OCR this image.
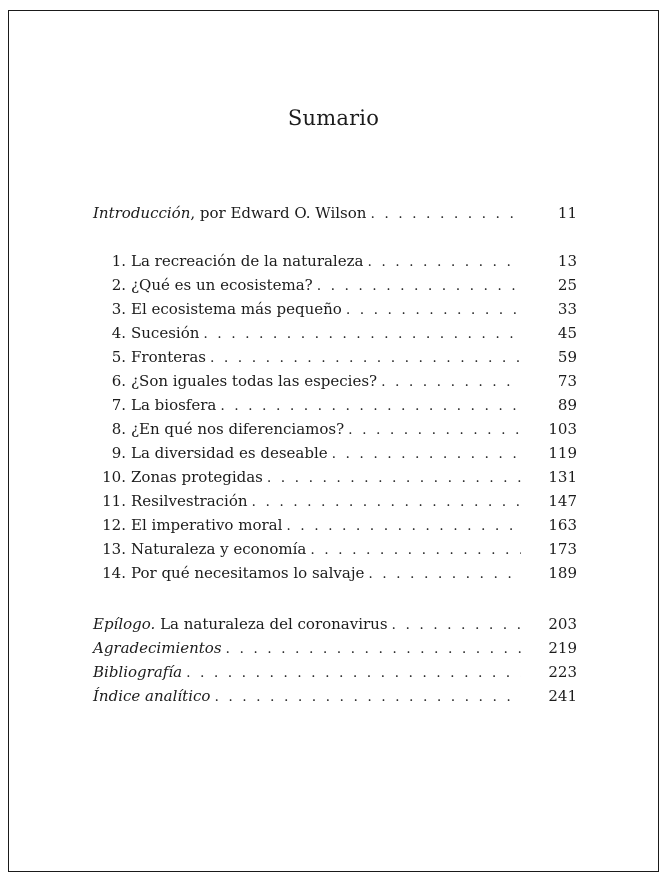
Sumario
Introducción, por Edward O. Wilson . . .	11
1. La recreación de la naturaleza . . .	13
2. ¿Qué es un ecosistema? . . .	25
3. El ecosistema más pequeño . . .	33
4. Sucesión . . .	45
5. Fronteras . . .	59
6. ¿Son iguales todas las especies? . . .	73
7. La biosfera . . .	89
8. ¿En qué nos diferenciamos? . . .	103
9. La diversidad es deseable . . .	119
10. Zonas protegidas . . .	131
11. Resilvestración . . .	147
12. El imperativo moral . . .	163
13. Naturaleza y economía . . .	173
14. Por qué necesitamos lo salvaje . . .	189
Epílogo. La naturaleza del coronavirus . . .	203
Agradecimientos . . .	219
Bibliografía . . .	223
Índice analítico . . .	241
